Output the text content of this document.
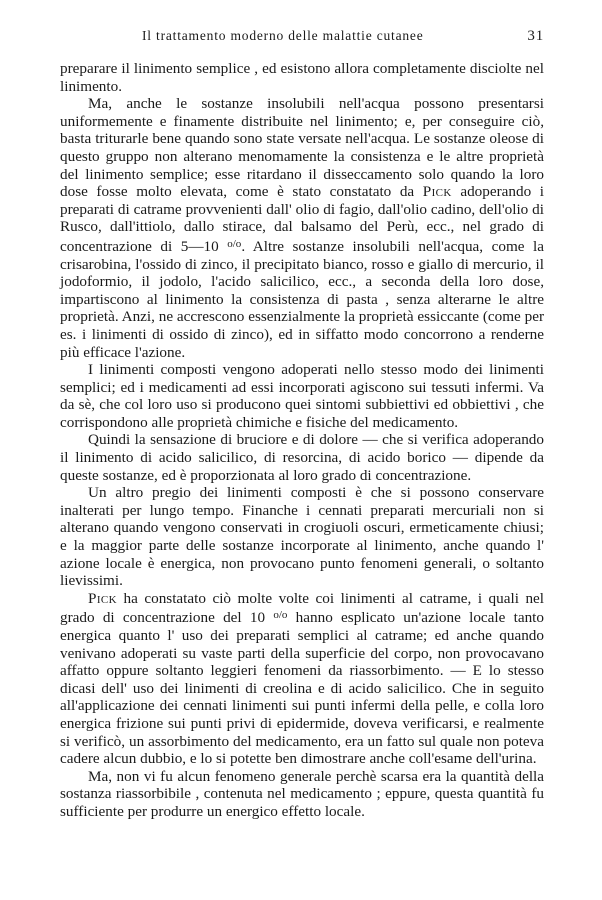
Il trattamento moderno delle malattie cutanee	31

preparare il linimento semplice , ed esistono allora completamente disciolte nel linimento.

Ma, anche le sostanze insolubili nell'acqua possono presentarsi uniformemente e finamente distribuite nel linimento; e, per conseguire ciò, basta triturarle bene quando sono state versate nell'acqua. Le sostanze oleose di questo gruppo non alterano menomamente la consistenza e le altre proprietà del linimento semplice; esse ritardano il disseccamento solo quando la loro dose fosse molto elevata, come è stato constatato da Pick adoperando i preparati di catrame provvenienti dall' olio di fagio, dall'olio cadino, dell'olio di Rusco, dall'ittiolo, dallo stirace, dal balsamo del Perù, ecc., nel grado di concentrazione di 5—10 $^{o/o}$. Altre sostanze insolubili nell'acqua, come la crisarobina, l'ossido di zinco, il precipitato bianco, rosso e giallo di mercurio, il jodoformio, il jodolo, l'acido salicilico, ecc., a seconda della loro dose, impartiscono al linimento la consistenza di pasta , senza alterarne le altre proprietà. Anzi, ne accrescono essenzialmente la proprietà essiccante (come per es. i linimenti di ossido di zinco), ed in siffatto modo concorrono a renderne più efficace l'azione.

I linimenti composti vengono adoperati nello stesso modo dei linimenti semplici; ed i medicamenti ad essi incorporati agiscono sui tessuti infermi. Va da sè, che col loro uso si producono quei sintomi subbiettivi ed obbiettivi , che corrispondono alle proprietà chimiche e fisiche del medicamento.

Quindi la sensazione di bruciore e di dolore — che si verifica adoperando il linimento di acido salicilico, di resorcina, di acido borico — dipende da queste sostanze, ed è proporzionata al loro grado di concentrazione.

Un altro pregio dei linimenti composti è che si possono conservare inalterati per lungo tempo. Finanche i cennati preparati mercuriali non si alterano quando vengono conservati in crogiuoli oscuri, ermeticamente chiusi; e la maggior parte delle sostanze incorporate al linimento, anche quando l' azione locale è energica, non provocano punto fenomeni generali, o soltanto lievissimi.

Pick ha constatato ciò molte volte coi linimenti al catrame, i quali nel grado di concentrazione del 10 $^{o/o}$ hanno esplicato un'azione locale tanto energica quanto l' uso dei preparati semplici al catrame; ed anche quando venivano adoperati su vaste parti della superficie del corpo, non provocavano affatto oppure soltanto leggieri fenomeni da riassorbimento. — E lo stesso dicasi dell' uso dei linimenti di creolina e di acido salicilico. Che in seguito all'applicazione dei cennati linimenti sui punti infermi della pelle, e colla loro energica frizione sui punti privi di epidermide, doveva verificarsi, e realmente si verificò, un assorbimento del medicamento, era un fatto sul quale non poteva cadere alcun dubbio, e lo si potette ben dimostrare anche coll'esame dell'urina.

Ma, non vi fu alcun fenomeno generale perchè scarsa era la quantità della sostanza riassorbibile , contenuta nel medicamento ; eppure, questa quantità fu sufficiente per produrre un energico effetto locale.
